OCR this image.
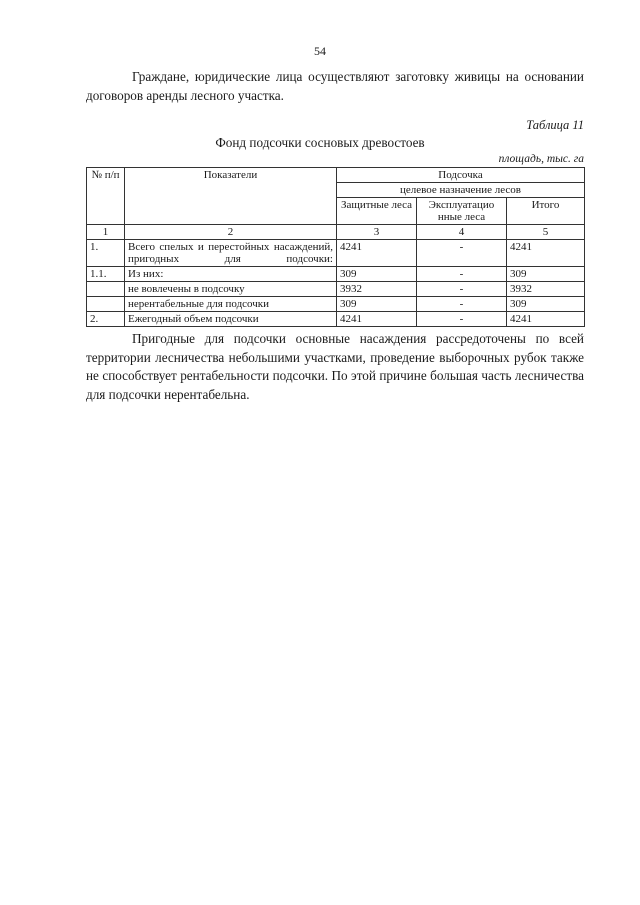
54

Граждане, юридические лица осуществляют заготовку живицы на основании договоров аренды лесного участка.

Таблица 11
Фонд подсочки сосновых древостоев
площадь, тыс. га
№ п/п	Показатели	Подсочка		
		целевое назначение лесов		
		Защитные леса	Эксплуатацио нные леса	Итого
1	2	3	4	5
1.	Всего спелых и перестойных насаждений, пригодных для подсочки:	4241	-	4241
1.1.	Из них:	309	-	309
	не вовлечены в подсочку	3932	-	3932
	нерентабельные для подсочки	309	-	309
2.	Ежегодный объем подсочки	4241	-	4241

Пригодные для подсочки основные насаждения рассредоточены по всей территории лесничества небольшими участками, проведение выборочных рубок также не способствует рентабельности подсочки. По этой причине большая часть лесничества для подсочки нерентабельна.
